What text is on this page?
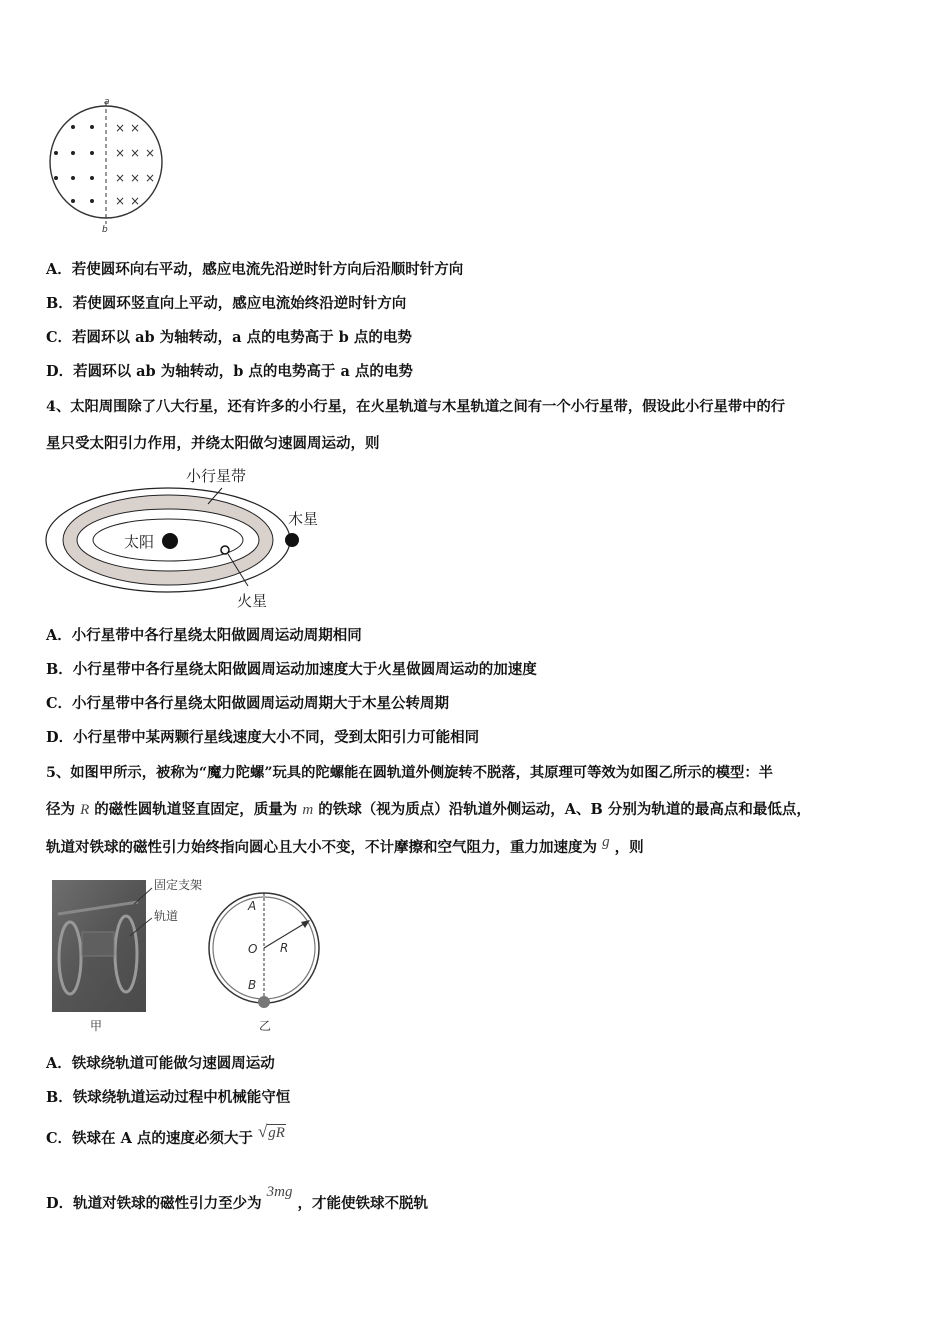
a
b
× ×
× × ×
× × ×
× ×
A．若使圆环向右平动，感应电流先沿逆时针方向后沿顺时针方向
B．若使圆环竖直向上平动，感应电流始终沿逆时针方向
C．若圆环以 ab 为轴转动，a 点的电势高于 b 点的电势
D．若圆环以 ab 为轴转动，b 点的电势高于 a 点的电势
4、太阳周围除了八大行星，还有许多的小行星，在火星轨道与木星轨道之间有一个小行星带，假设此小行星带中的行
星只受太阳引力作用，并绕太阳做匀速圆周运动，则
小行星带
木星
太阳
火星
A．小行星带中各行星绕太阳做圆周运动周期相同
B．小行星带中各行星绕太阳做圆周运动加速度大于火星做圆周运动的加速度
C．小行星带中各行星绕太阳做圆周运动周期大于木星公转周期
D．小行星带中某两颗行星线速度大小不同，受到太阳引力可能相同
5、如图甲所示，被称为“魔力陀螺”玩具的陀螺能在圆轨道外侧旋转不脱落，其原理可等效为如图乙所示的模型：半
径为 R 的磁性圆轨道竖直固定，质量为 m 的铁球（视为质点）沿轨道外侧运动，A、B 分别为轨道的最高点和最低点，
轨道对铁球的磁性引力始终指向圆心且大小不变，不计摩擦和空气阻力，重力加速度为 g ，则
固定支架
轨道
甲
A
O R
B
乙
A．铁球绕轨道可能做匀速圆周运动
B．铁球绕轨道运动过程中机械能守恒
C．铁球在 A 点的速度必须大于 √gR
D．轨道对铁球的磁性引力至少为 3mg ，才能使铁球不脱轨
